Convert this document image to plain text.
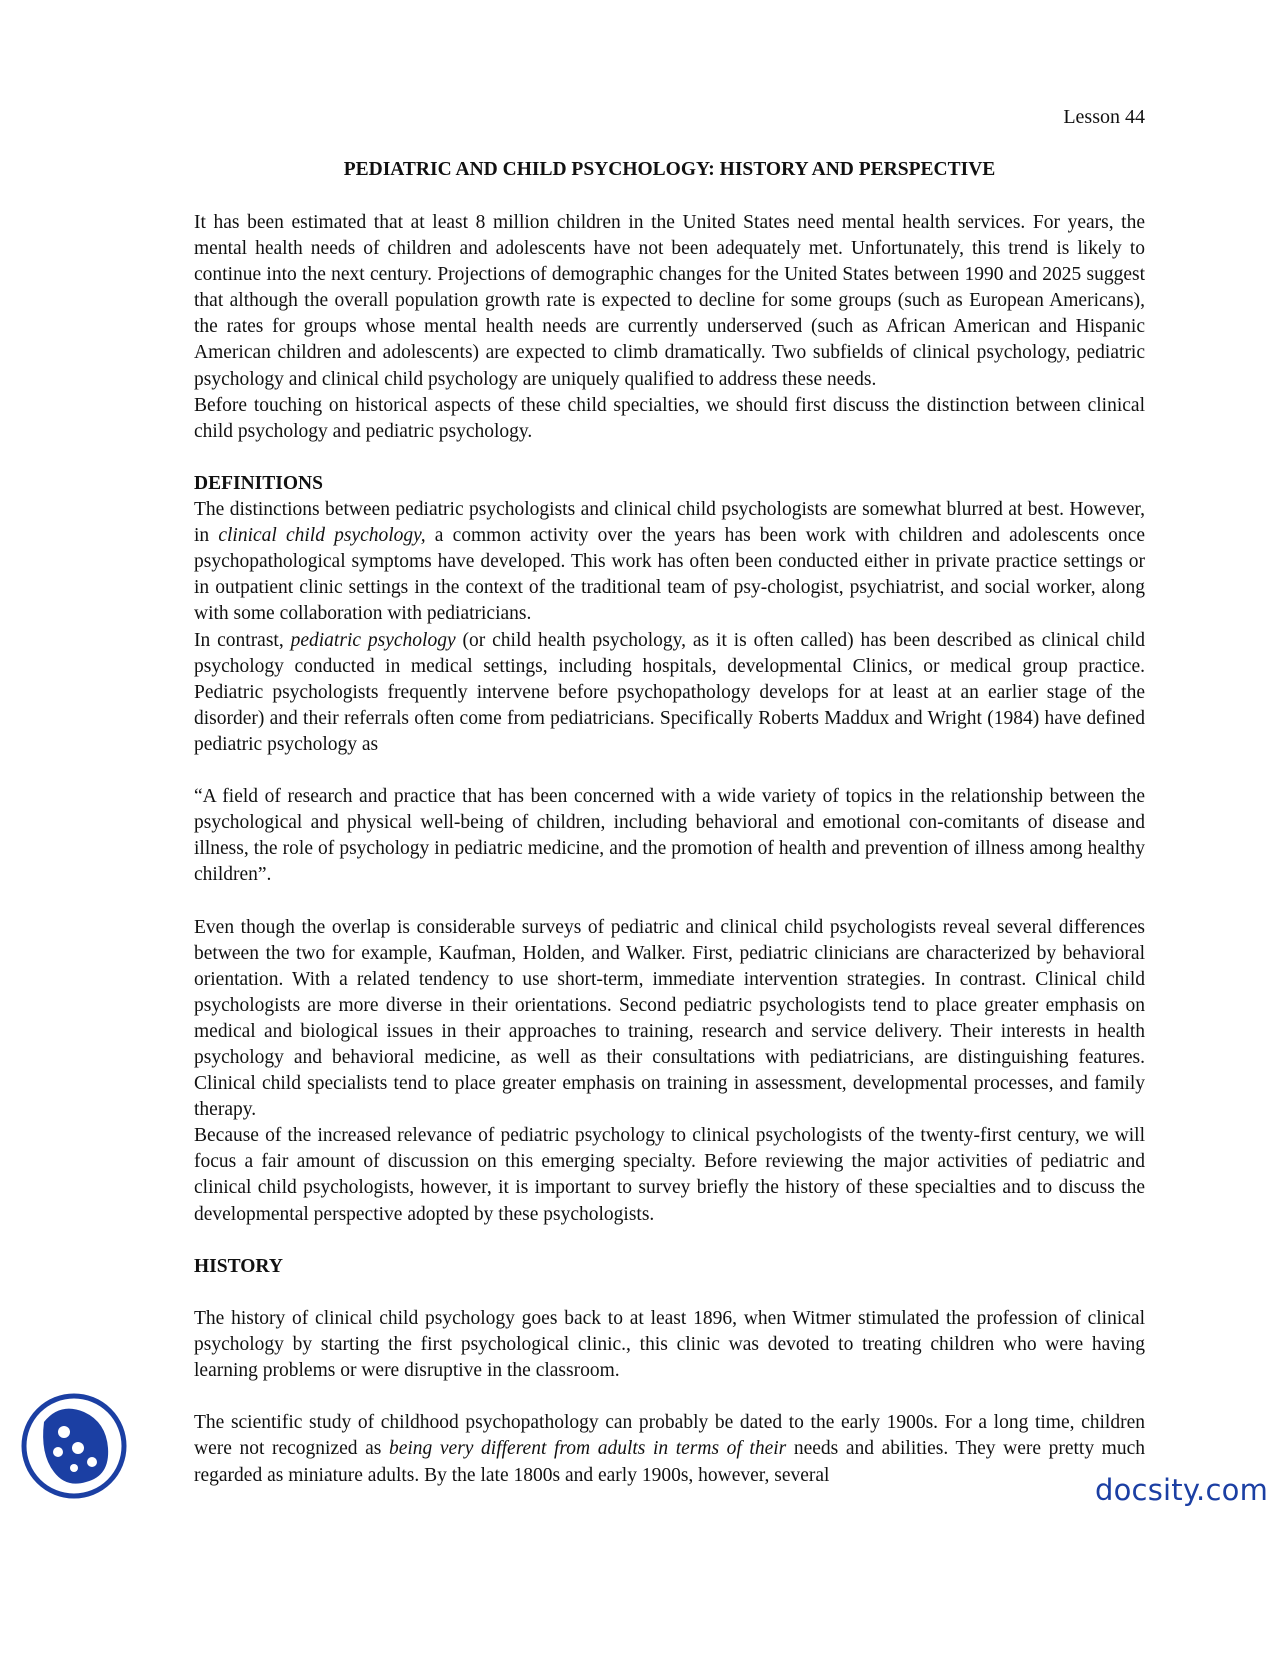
Lesson 44
PEDIATRIC AND CHILD PSYCHOLOGY: HISTORY AND PERSPECTIVE

It has been estimated that at least 8 million children in the United States need mental health services. For years, the mental health needs of children and adolescents have not been adequately met. Unfortunately, this trend is likely to continue into the next century. Projections of demographic changes for the United States between 1990 and 2025 suggest that although the overall population growth rate is expected to decline for some groups (such as European Americans), the rates for groups whose mental health needs are currently underserved (such as African American and Hispanic American children and adolescents) are expected to climb dramatically. Two subfields of clinical psychology, pediatric psychology and clinical child psychology are uniquely qualified to address these needs.

Before touching on historical aspects of these child specialties, we should first discuss the distinction between clinical child psychology and pediatric psychology.

DEFINITIONS

The distinctions between pediatric psychologists and clinical child psychologists are somewhat blurred at best. However, in clinical child psychology, a common activity over the years has been work with children and adolescents once psychopathological symptoms have developed. This work has often been conducted either in private practice settings or in outpatient clinic settings in the context of the traditional team of psy-chologist, psychiatrist, and social worker, along with some collaboration with pediatricians.

In contrast, pediatric psychology (or child health psychology, as it is often called) has been described as clinical child psychology conducted in medical settings, including hospitals, developmental Clinics, or medical group practice. Pediatric psychologists frequently intervene before psychopathology develops for at least at an earlier stage of the disorder) and their referrals often come from pediatricians. Specifically Roberts Maddux and Wright (1984) have defined pediatric psychology as

“A field of research and practice that has been concerned with a wide variety of topics in the relationship between the psychological and physical well-being of children, including behavioral and emotional con-comitants of disease and illness, the role of psychology in pediatric medicine, and the promotion of health and prevention of illness among healthy children”.

Even though the overlap is considerable surveys of pediatric and clinical child psychologists reveal several differences between the two for example, Kaufman, Holden, and Walker. First, pediatric clinicians are characterized by behavioral orientation. With a related tendency to use short-term, immediate intervention strategies. In contrast. Clinical child psychologists are more diverse in their orientations. Second pediatric psychologists tend to place greater emphasis on medical and biological issues in their approaches to training, research and service delivery. Their interests in health psychology and behavioral medicine, as well as their consultations with pediatricians, are distinguishing features. Clinical child specialists tend to place greater emphasis on training in assessment, developmental processes, and family therapy.

Because of the increased relevance of pediatric psychology to clinical psychologists of the twenty-first century, we will focus a fair amount of discussion on this emerging specialty. Before reviewing the major activities of pediatric and clinical child psychologists, however, it is important to survey briefly the history of these specialties and to discuss the developmental perspective adopted by these psychologists.

HISTORY

The history of clinical child psychology goes back to at least 1896, when Witmer stimulated the profession of clinical psychology by starting the first psychological clinic., this clinic was devoted to treating children who were having learning problems or were disruptive in the classroom.

The scientific study of childhood psychopathology can probably be dated to the early 1900s. For a long time, children were not recognized as being very different from adults in terms of their needs and abilities. They were pretty much regarded as miniature adults. By the late 1800s and early 1900s, however, several	docsity.com
